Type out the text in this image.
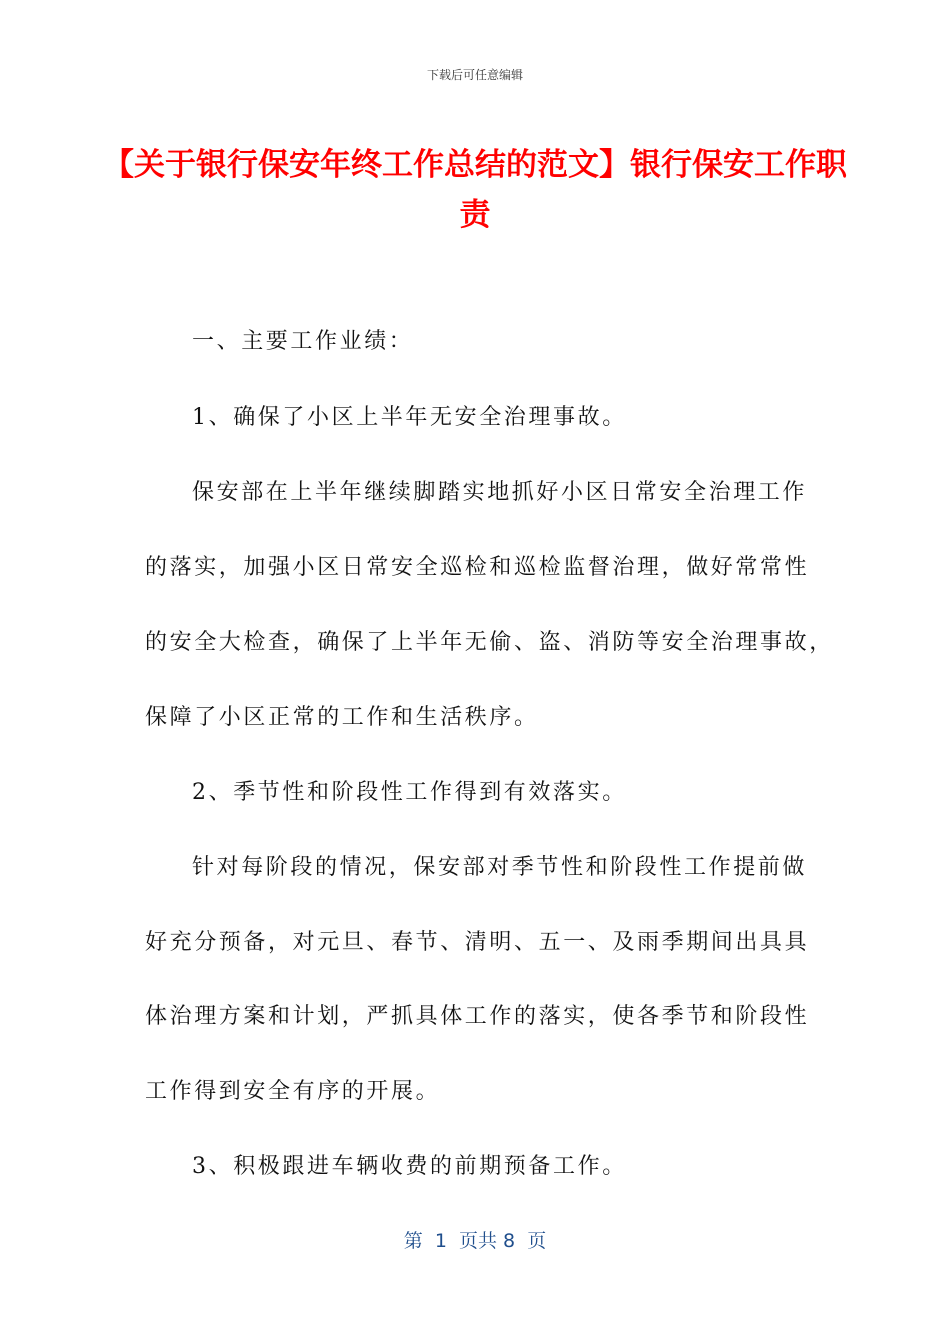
下载后可任意编辑
【关于银行保安年终工作总结的范文】银行保安工作职责
一、主要工作业绩：
1、确保了小区上半年无安全治理事故。
保安部在上半年继续脚踏实地抓好小区日常安全治理工作
的落实，加强小区日常安全巡检和巡检监督治理，做好常常性
的安全大检查，确保了上半年无偷、盗、消防等安全治理事故，
保障了小区正常的工作和生活秩序。
2、季节性和阶段性工作得到有效落实。
针对每阶段的情况，保安部对季节性和阶段性工作提前做
好充分预备，对元旦、春节、清明、五一、及雨季期间出具具
体治理方案和计划，严抓具体工作的落实，使各季节和阶段性
工作得到安全有序的开展。
3、积极跟进车辆收费的前期预备工作。
第  1  页共 8  页
